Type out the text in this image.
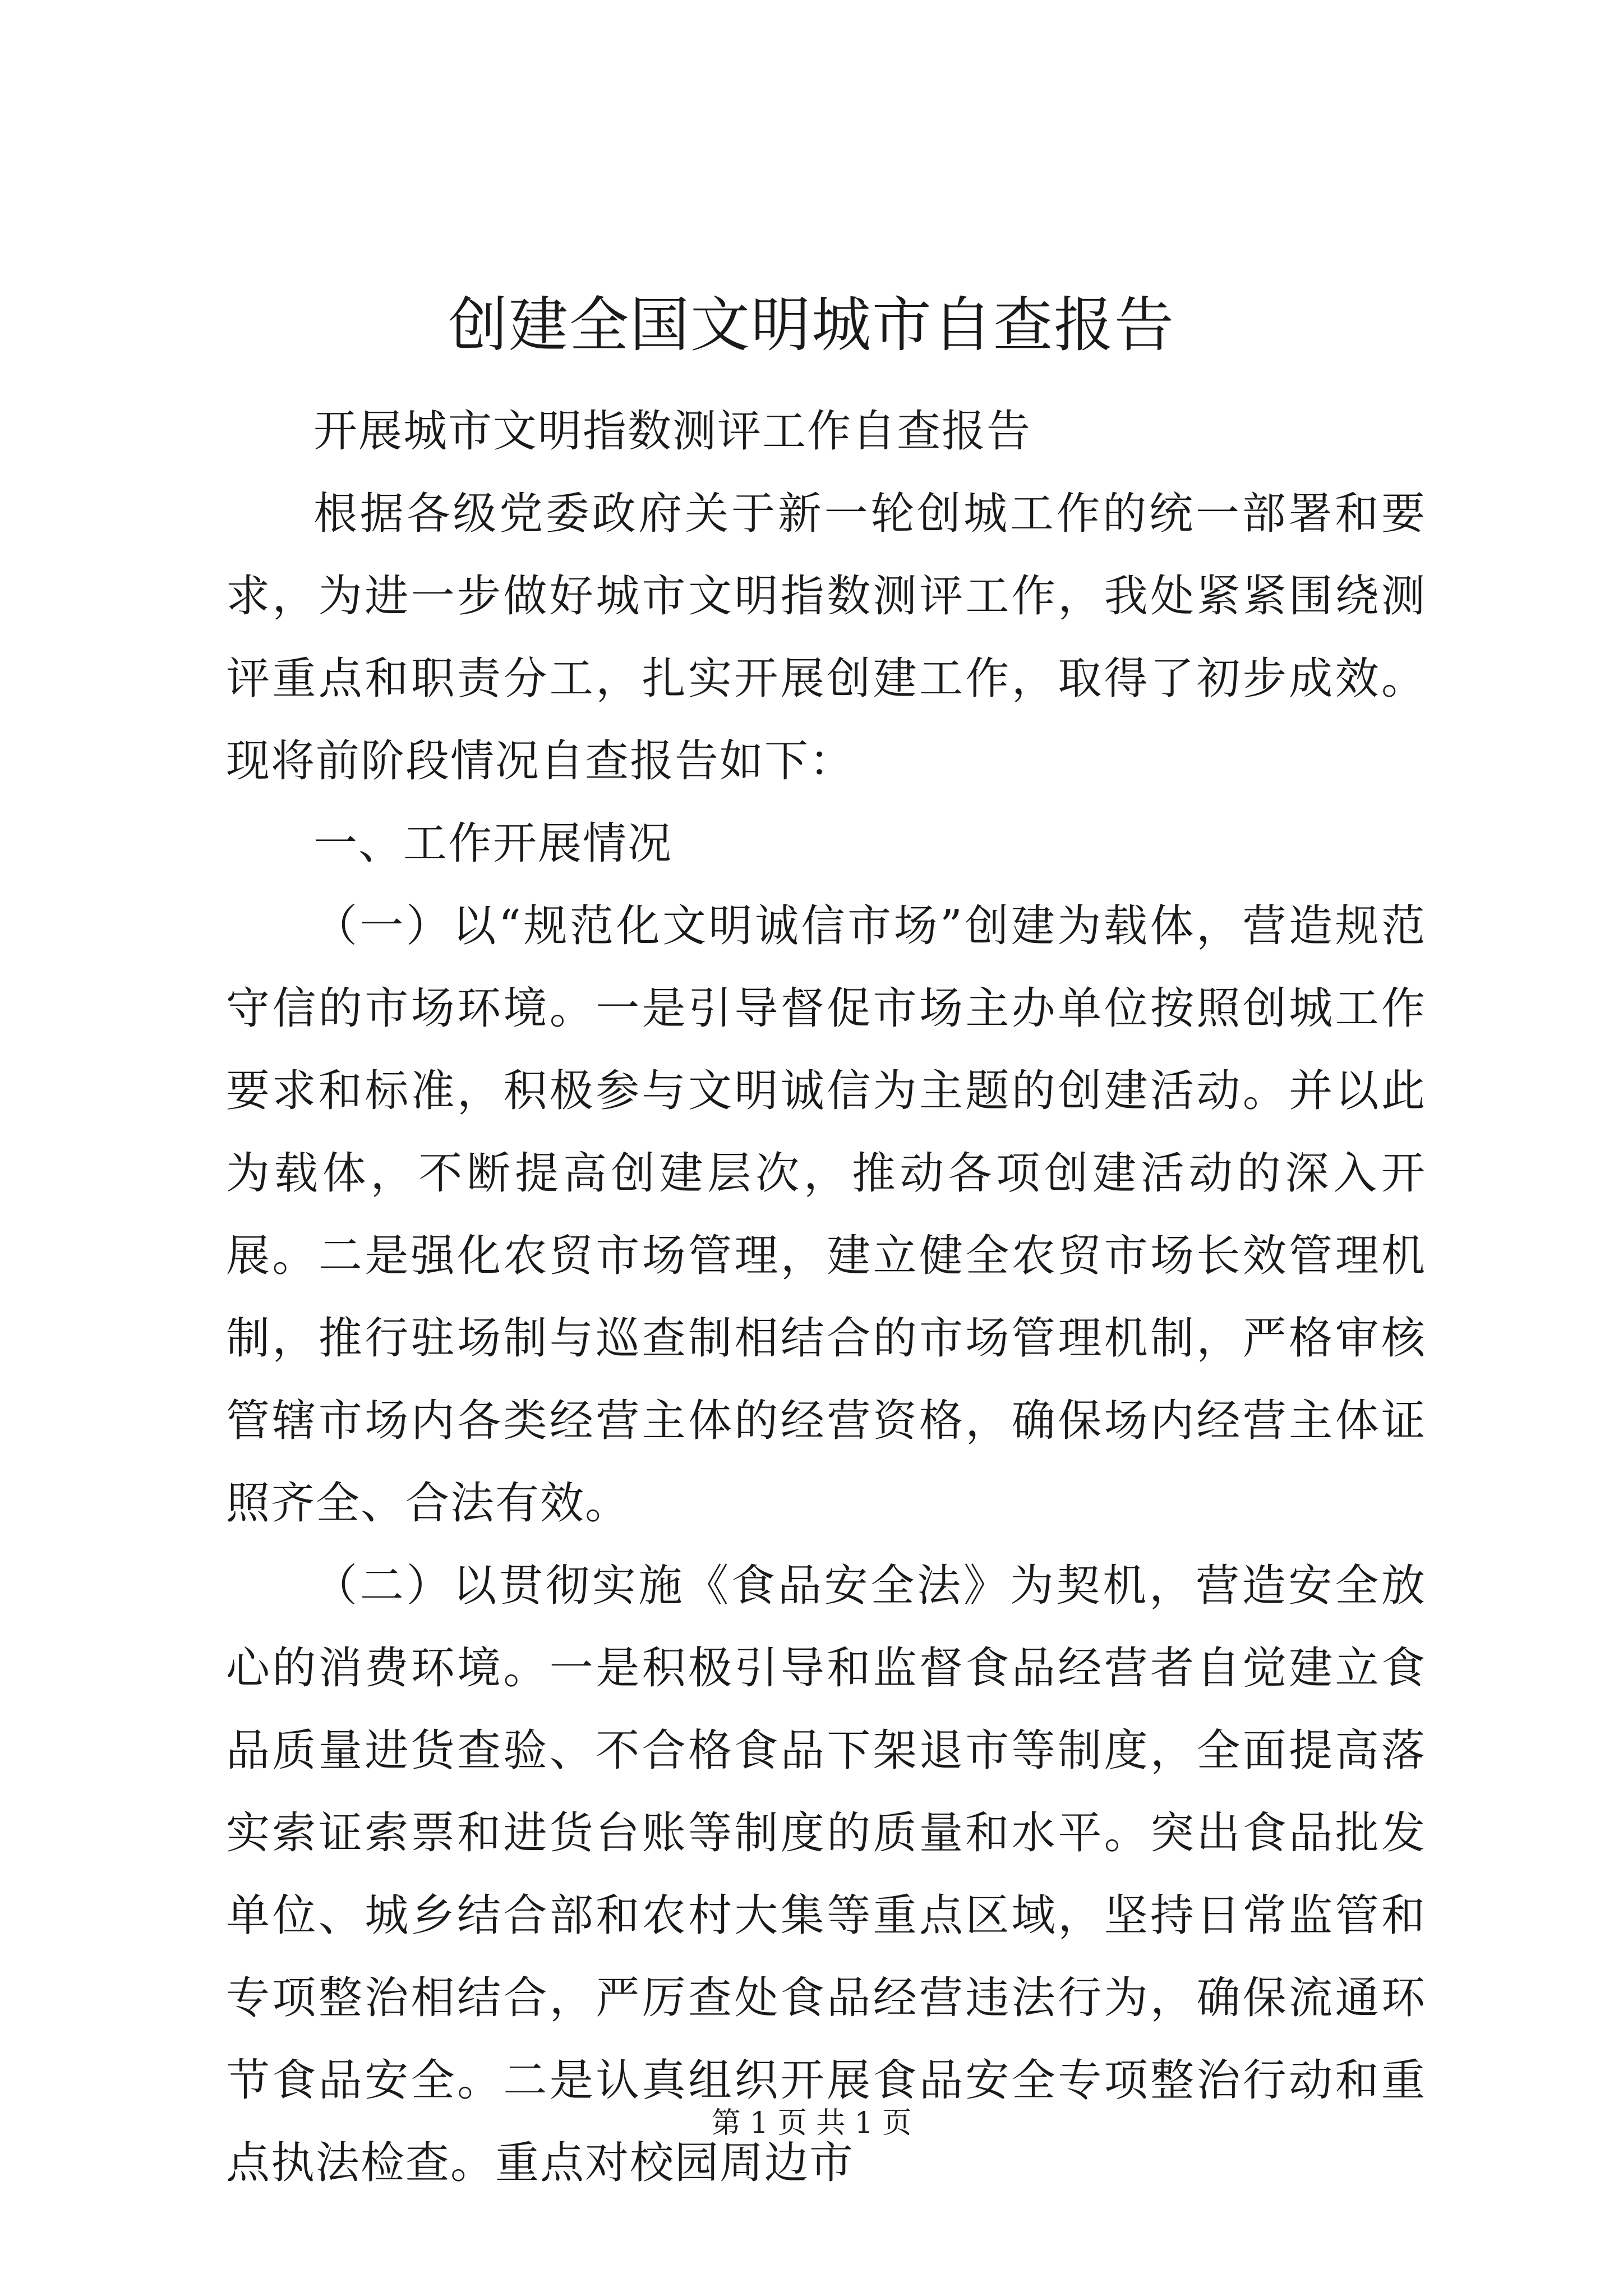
创建全国文明城市自查报告

开展城市文明指数测评工作自查报告

根据各级党委政府关于新一轮创城工作的统一部署和要求，为进一步做好城市文明指数测评工作，我处紧紧围绕测评重点和职责分工，扎实开展创建工作，取得了初步成效。现将前阶段情况自查报告如下：

一、工作开展情况

（一）以“规范化文明诚信市场”创建为载体，营造规范守信的市场环境。一是引导督促市场主办单位按照创城工作要求和标准，积极参与文明诚信为主题的创建活动。并以此为载体，不断提高创建层次，推动各项创建活动的深入开展。二是强化农贸市场管理，建立健全农贸市场长效管理机制，推行驻场制与巡查制相结合的市场管理机制，严格审核管辖市场内各类经营主体的经营资格，确保场内经营主体证照齐全、合法有效。

（二）以贯彻实施《食品安全法》为契机，营造安全放心的消费环境。一是积极引导和监督食品经营者自觉建立食品质量进货查验、不合格食品下架退市等制度，全面提高落实索证索票和进货台账等制度的质量和水平。突出食品批发单位、城乡结合部和农村大集等重点区域，坚持日常监管和专项整治相结合，严厉查处食品经营违法行为，确保流通环节食品安全。二是认真组织开展食品安全专项整治行动和重点执法检查。重点对校园周边市

第 1 页 共 1 页
